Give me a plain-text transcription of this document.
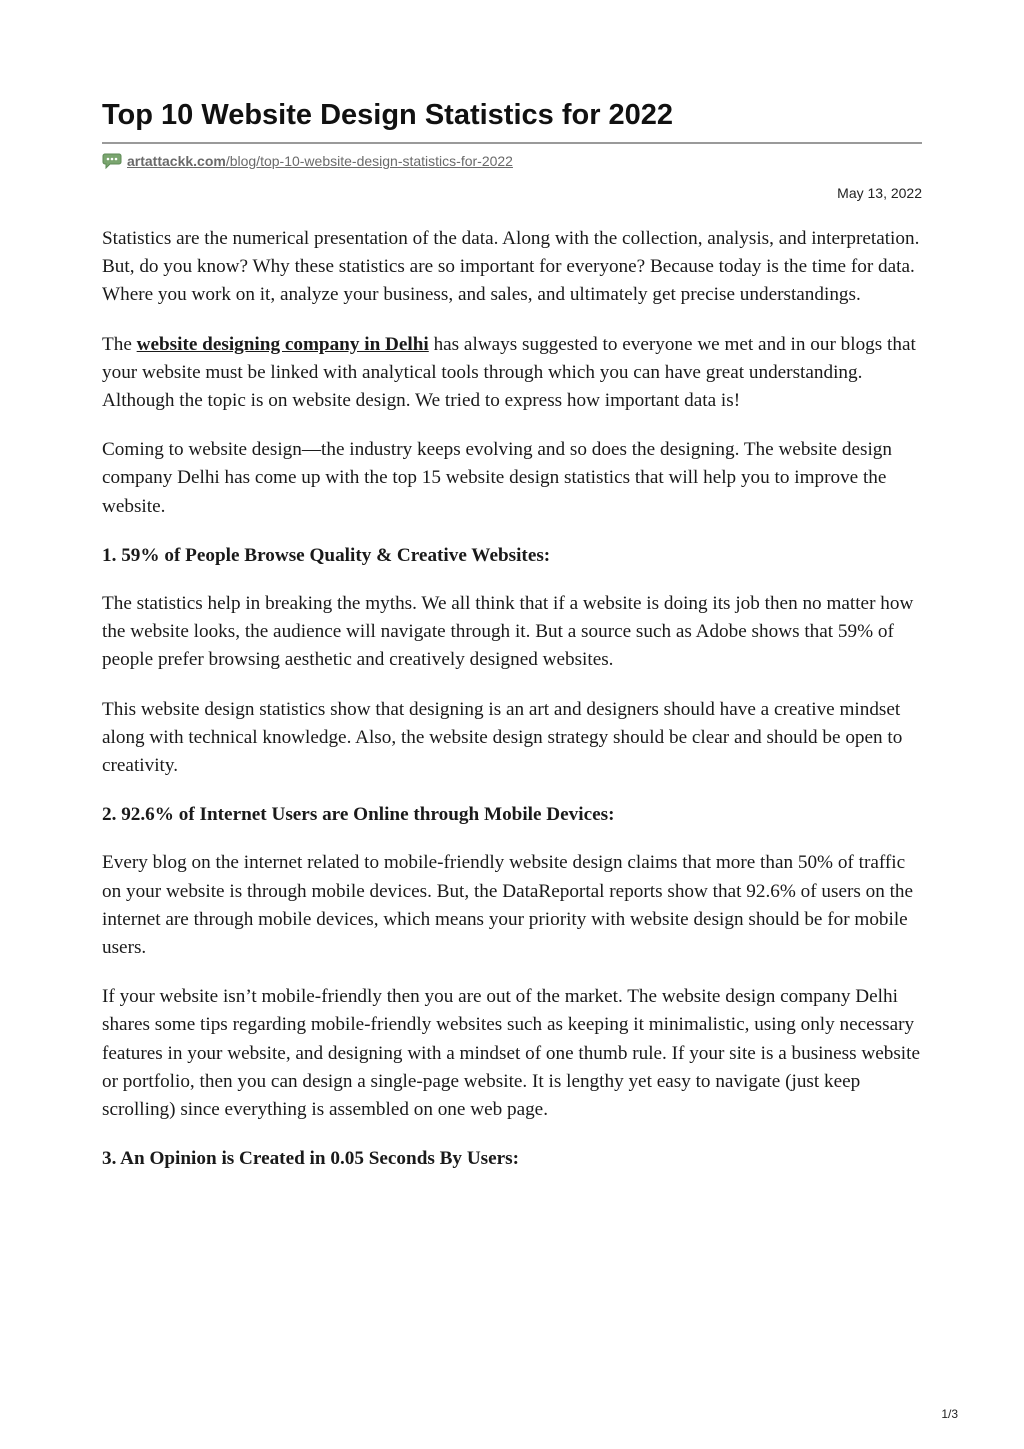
Top 10 Website Design Statistics for 2022
artattackk.com/blog/top-10-website-design-statistics-for-2022
May 13, 2022

Statistics are the numerical presentation of the data. Along with the collection, analysis, and interpretation. But, do you know? Why these statistics are so important for everyone? Because today is the time for data. Where you work on it, analyze your business, and sales, and ultimately get precise understandings.

The website designing company in Delhi has always suggested to everyone we met and in our blogs that your website must be linked with analytical tools through which you can have great understanding. Although the topic is on website design. We tried to express how important data is!

Coming to website design—the industry keeps evolving and so does the designing. The website design company Delhi has come up with the top 15 website design statistics that will help you to improve the website.

1. 59% of People Browse Quality & Creative Websites:

The statistics help in breaking the myths. We all think that if a website is doing its job then no matter how the website looks, the audience will navigate through it. But a source such as Adobe shows that 59% of people prefer browsing aesthetic and creatively designed websites.

This website design statistics show that designing is an art and designers should have a creative mindset along with technical knowledge. Also, the website design strategy should be clear and should be open to creativity.

2. 92.6% of Internet Users are Online through Mobile Devices:

Every blog on the internet related to mobile-friendly website design claims that more than 50% of traffic on your website is through mobile devices. But, the DataReportal reports show that 92.6% of users on the internet are through mobile devices, which means your priority with website design should be for mobile users.

If your website isn’t mobile-friendly then you are out of the market. The website design company Delhi shares some tips regarding mobile-friendly websites such as keeping it minimalistic, using only necessary features in your website, and designing with a mindset of one thumb rule. If your site is a business website or portfolio, then you can design a single-page website. It is lengthy yet easy to navigate (just keep scrolling) since everything is assembled on one web page.

3. An Opinion is Created in 0.05 Seconds By Users:
1/3
